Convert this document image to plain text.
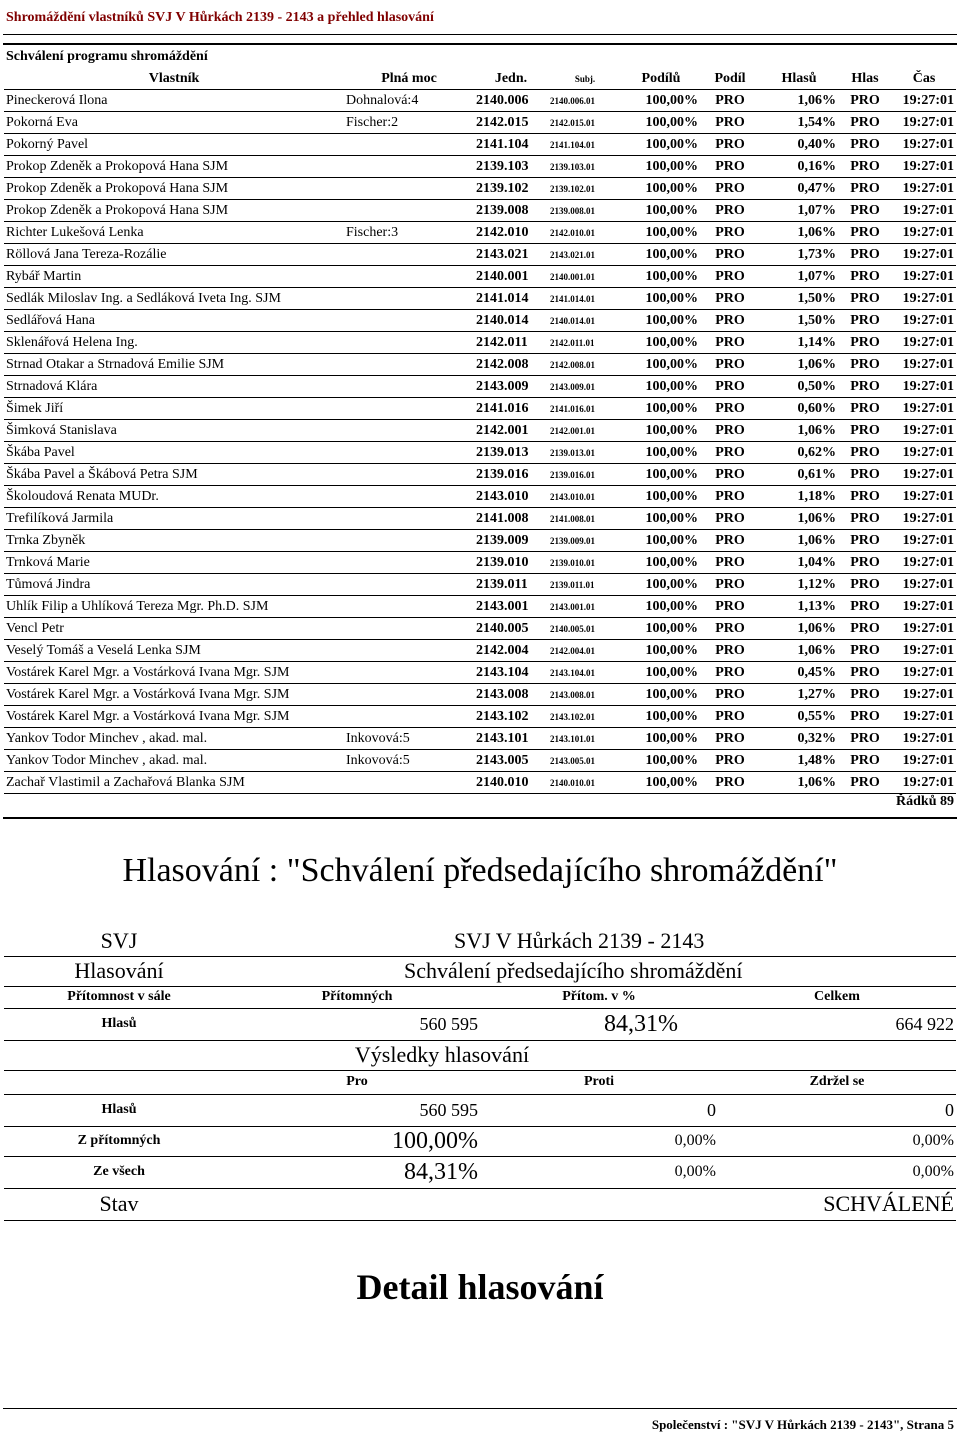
Shromáždění vlastníků SVJ V Hůrkách 2139 - 2143 a přehled hlasování
Schválení programu shromáždění
Vlastník	Plná moc	Jedn.	Subj.	Podílů	Podíl	Hlasů	Hlas	Čas
Pineckerová Ilona	Dohnalová:4	2140.006	2140.006.01	100,00%	PRO	1,06%	PRO	19:27:01
Pokorná Eva	Fischer:2	2142.015	2142.015.01	100,00%	PRO	1,54%	PRO	19:27:01
Pokorný Pavel		2141.104	2141.104.01	100,00%	PRO	0,40%	PRO	19:27:01
Prokop Zdeněk a Prokopová Hana SJM		2139.103	2139.103.01	100,00%	PRO	0,16%	PRO	19:27:01
Prokop Zdeněk a Prokopová Hana SJM		2139.102	2139.102.01	100,00%	PRO	0,47%	PRO	19:27:01
Prokop Zdeněk a Prokopová Hana SJM		2139.008	2139.008.01	100,00%	PRO	1,07%	PRO	19:27:01
Richter Lukešová Lenka	Fischer:3	2142.010	2142.010.01	100,00%	PRO	1,06%	PRO	19:27:01
Röllová Jana Tereza-Rozálie		2143.021	2143.021.01	100,00%	PRO	1,73%	PRO	19:27:01
Rybář Martin		2140.001	2140.001.01	100,00%	PRO	1,07%	PRO	19:27:01
Sedlák Miloslav Ing. a Sedláková Iveta Ing. SJM		2141.014	2141.014.01	100,00%	PRO	1,50%	PRO	19:27:01
Sedlářová Hana		2140.014	2140.014.01	100,00%	PRO	1,50%	PRO	19:27:01
Sklenářová Helena Ing.		2142.011	2142.011.01	100,00%	PRO	1,14%	PRO	19:27:01
Strnad Otakar a Strnadová Emilie SJM		2142.008	2142.008.01	100,00%	PRO	1,06%	PRO	19:27:01
Strnadová Klára		2143.009	2143.009.01	100,00%	PRO	0,50%	PRO	19:27:01
Šimek Jiří		2141.016	2141.016.01	100,00%	PRO	0,60%	PRO	19:27:01
Šimková Stanislava		2142.001	2142.001.01	100,00%	PRO	1,06%	PRO	19:27:01
Škába Pavel		2139.013	2139.013.01	100,00%	PRO	0,62%	PRO	19:27:01
Škába Pavel a Škábová Petra SJM		2139.016	2139.016.01	100,00%	PRO	0,61%	PRO	19:27:01
Školoudová Renata MUDr.		2143.010	2143.010.01	100,00%	PRO	1,18%	PRO	19:27:01
Trefilíková Jarmila		2141.008	2141.008.01	100,00%	PRO	1,06%	PRO	19:27:01
Trnka Zbyněk		2139.009	2139.009.01	100,00%	PRO	1,06%	PRO	19:27:01
Trnková Marie		2139.010	2139.010.01	100,00%	PRO	1,04%	PRO	19:27:01
Tůmová Jindra		2139.011	2139.011.01	100,00%	PRO	1,12%	PRO	19:27:01
Uhlík Filip a Uhlíková Tereza Mgr. Ph.D. SJM		2143.001	2143.001.01	100,00%	PRO	1,13%	PRO	19:27:01
Vencl Petr		2140.005	2140.005.01	100,00%	PRO	1,06%	PRO	19:27:01
Veselý Tomáš a Veselá Lenka SJM		2142.004	2142.004.01	100,00%	PRO	1,06%	PRO	19:27:01
Vostárek Karel Mgr. a Vostárková Ivana Mgr. SJM		2143.104	2143.104.01	100,00%	PRO	0,45%	PRO	19:27:01
Vostárek Karel Mgr. a Vostárková Ivana Mgr. SJM		2143.008	2143.008.01	100,00%	PRO	1,27%	PRO	19:27:01
Vostárek Karel Mgr. a Vostárková Ivana Mgr. SJM		2143.102	2143.102.01	100,00%	PRO	0,55%	PRO	19:27:01
Yankov Todor Minchev , akad. mal.	Inkovová:5	2143.101	2143.101.01	100,00%	PRO	0,32%	PRO	19:27:01
Yankov Todor Minchev , akad. mal.	Inkovová:5	2143.005	2143.005.01	100,00%	PRO	1,48%	PRO	19:27:01
Zachař Vlastimil a Zachařová Blanka SJM		2140.010	2140.010.01	100,00%	PRO	1,06%	PRO	19:27:01
Řádků 89
Hlasování : "Schválení předsedajícího shromáždění"
SVJ	SVJ V Hůrkách 2139 - 2143		
Hlasování	Schválení předsedajícího shromáždění		
Přítomnost v sále	Přítomných	Přítom. v %	Celkem
Hlasů	560 595	84,31%	664 922
	Výsledky hlasování		
	Pro	Proti	Zdržel se
Hlasů	560 595	0	0
Z přítomných	100,00%	0,00%	0,00%
Ze všech	84,31%	0,00%	0,00%
Stav			SCHVÁLENÉ
Detail hlasování
Společenství : "SVJ V Hůrkách 2139 - 2143", Strana 5
